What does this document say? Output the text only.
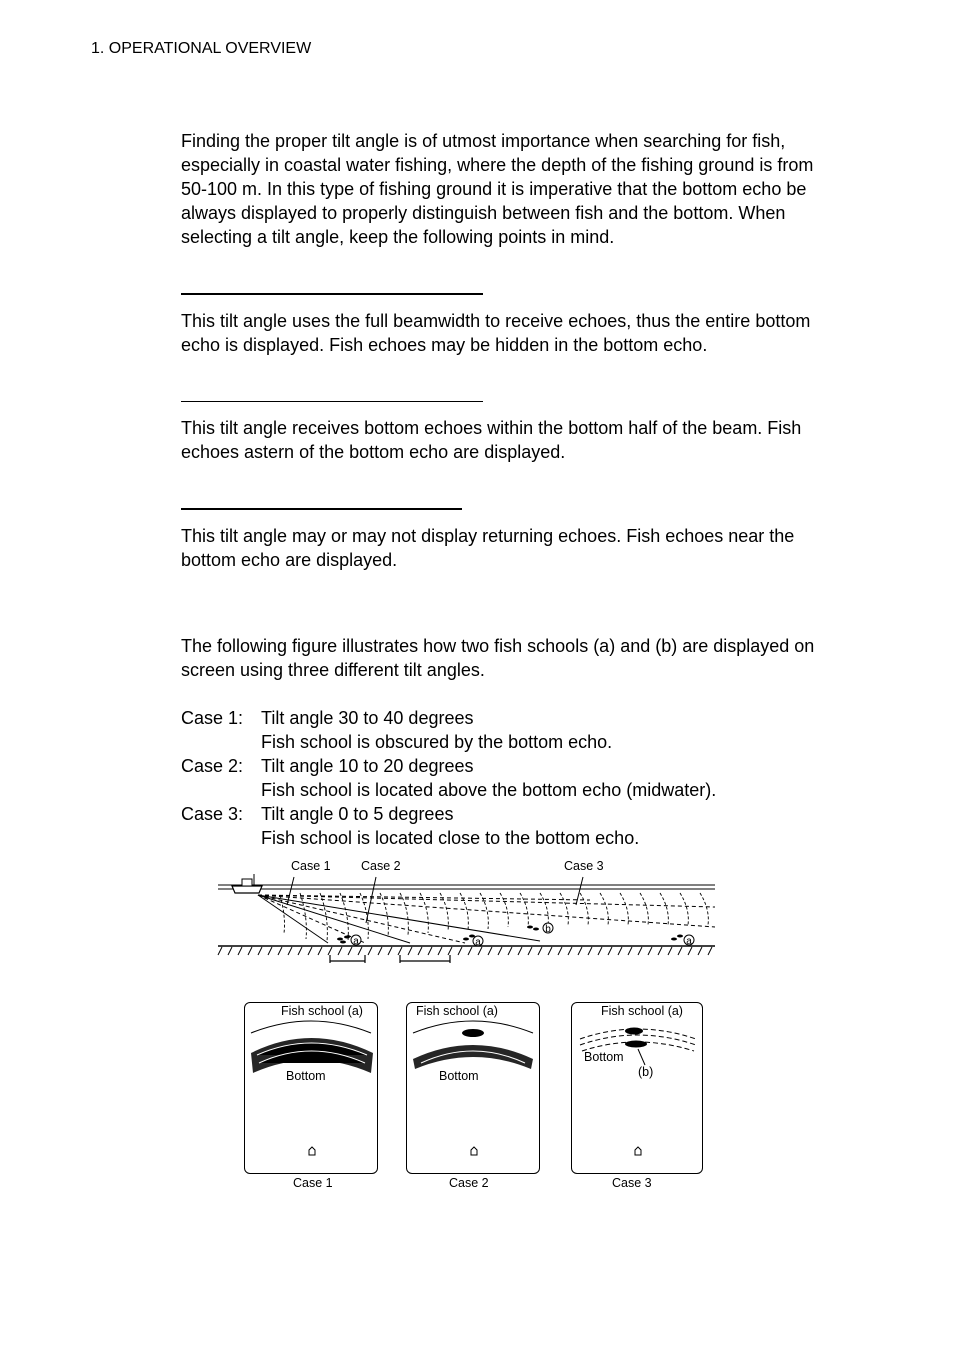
1. OPERATIONAL OVERVIEW
Finding the proper tilt angle is of utmost importance when searching for fish, especially in coastal water fishing, where the depth of the fishing ground is from 50-100 m. In this type of fishing ground it is imperative that the bottom echo be always displayed to properly distinguish between fish and the bottom. When selecting a tilt angle, keep the following points in mind.
This tilt angle uses the full beamwidth to receive echoes, thus the entire bottom echo is displayed. Fish echoes may be hidden in the bottom echo.
This tilt angle receives bottom echoes within the bottom half of the beam. Fish echoes astern of the bottom echo are displayed.
This tilt angle may or may not display returning echoes. Fish echoes near the bottom echo are displayed.
The following figure illustrates how two fish schools (a) and (b) are displayed on screen using three different tilt angles.
Case 1: Tilt angle 30 to 40 degrees
Fish school is obscured by the bottom echo.
Case 2: Tilt angle 10 to 20 degrees
Fish school is located above the bottom echo (midwater).
Case 3: Tilt angle 0 to 5 degrees
Fish school is located close to the bottom echo.
Case 1 Case 2	Case 3
a	a
b
a
Fish school (a)
Bottom
Case 1
Fish school (a)
Bottom
Case 2
Fish school (a)
Bottom
(b)
Case 3
